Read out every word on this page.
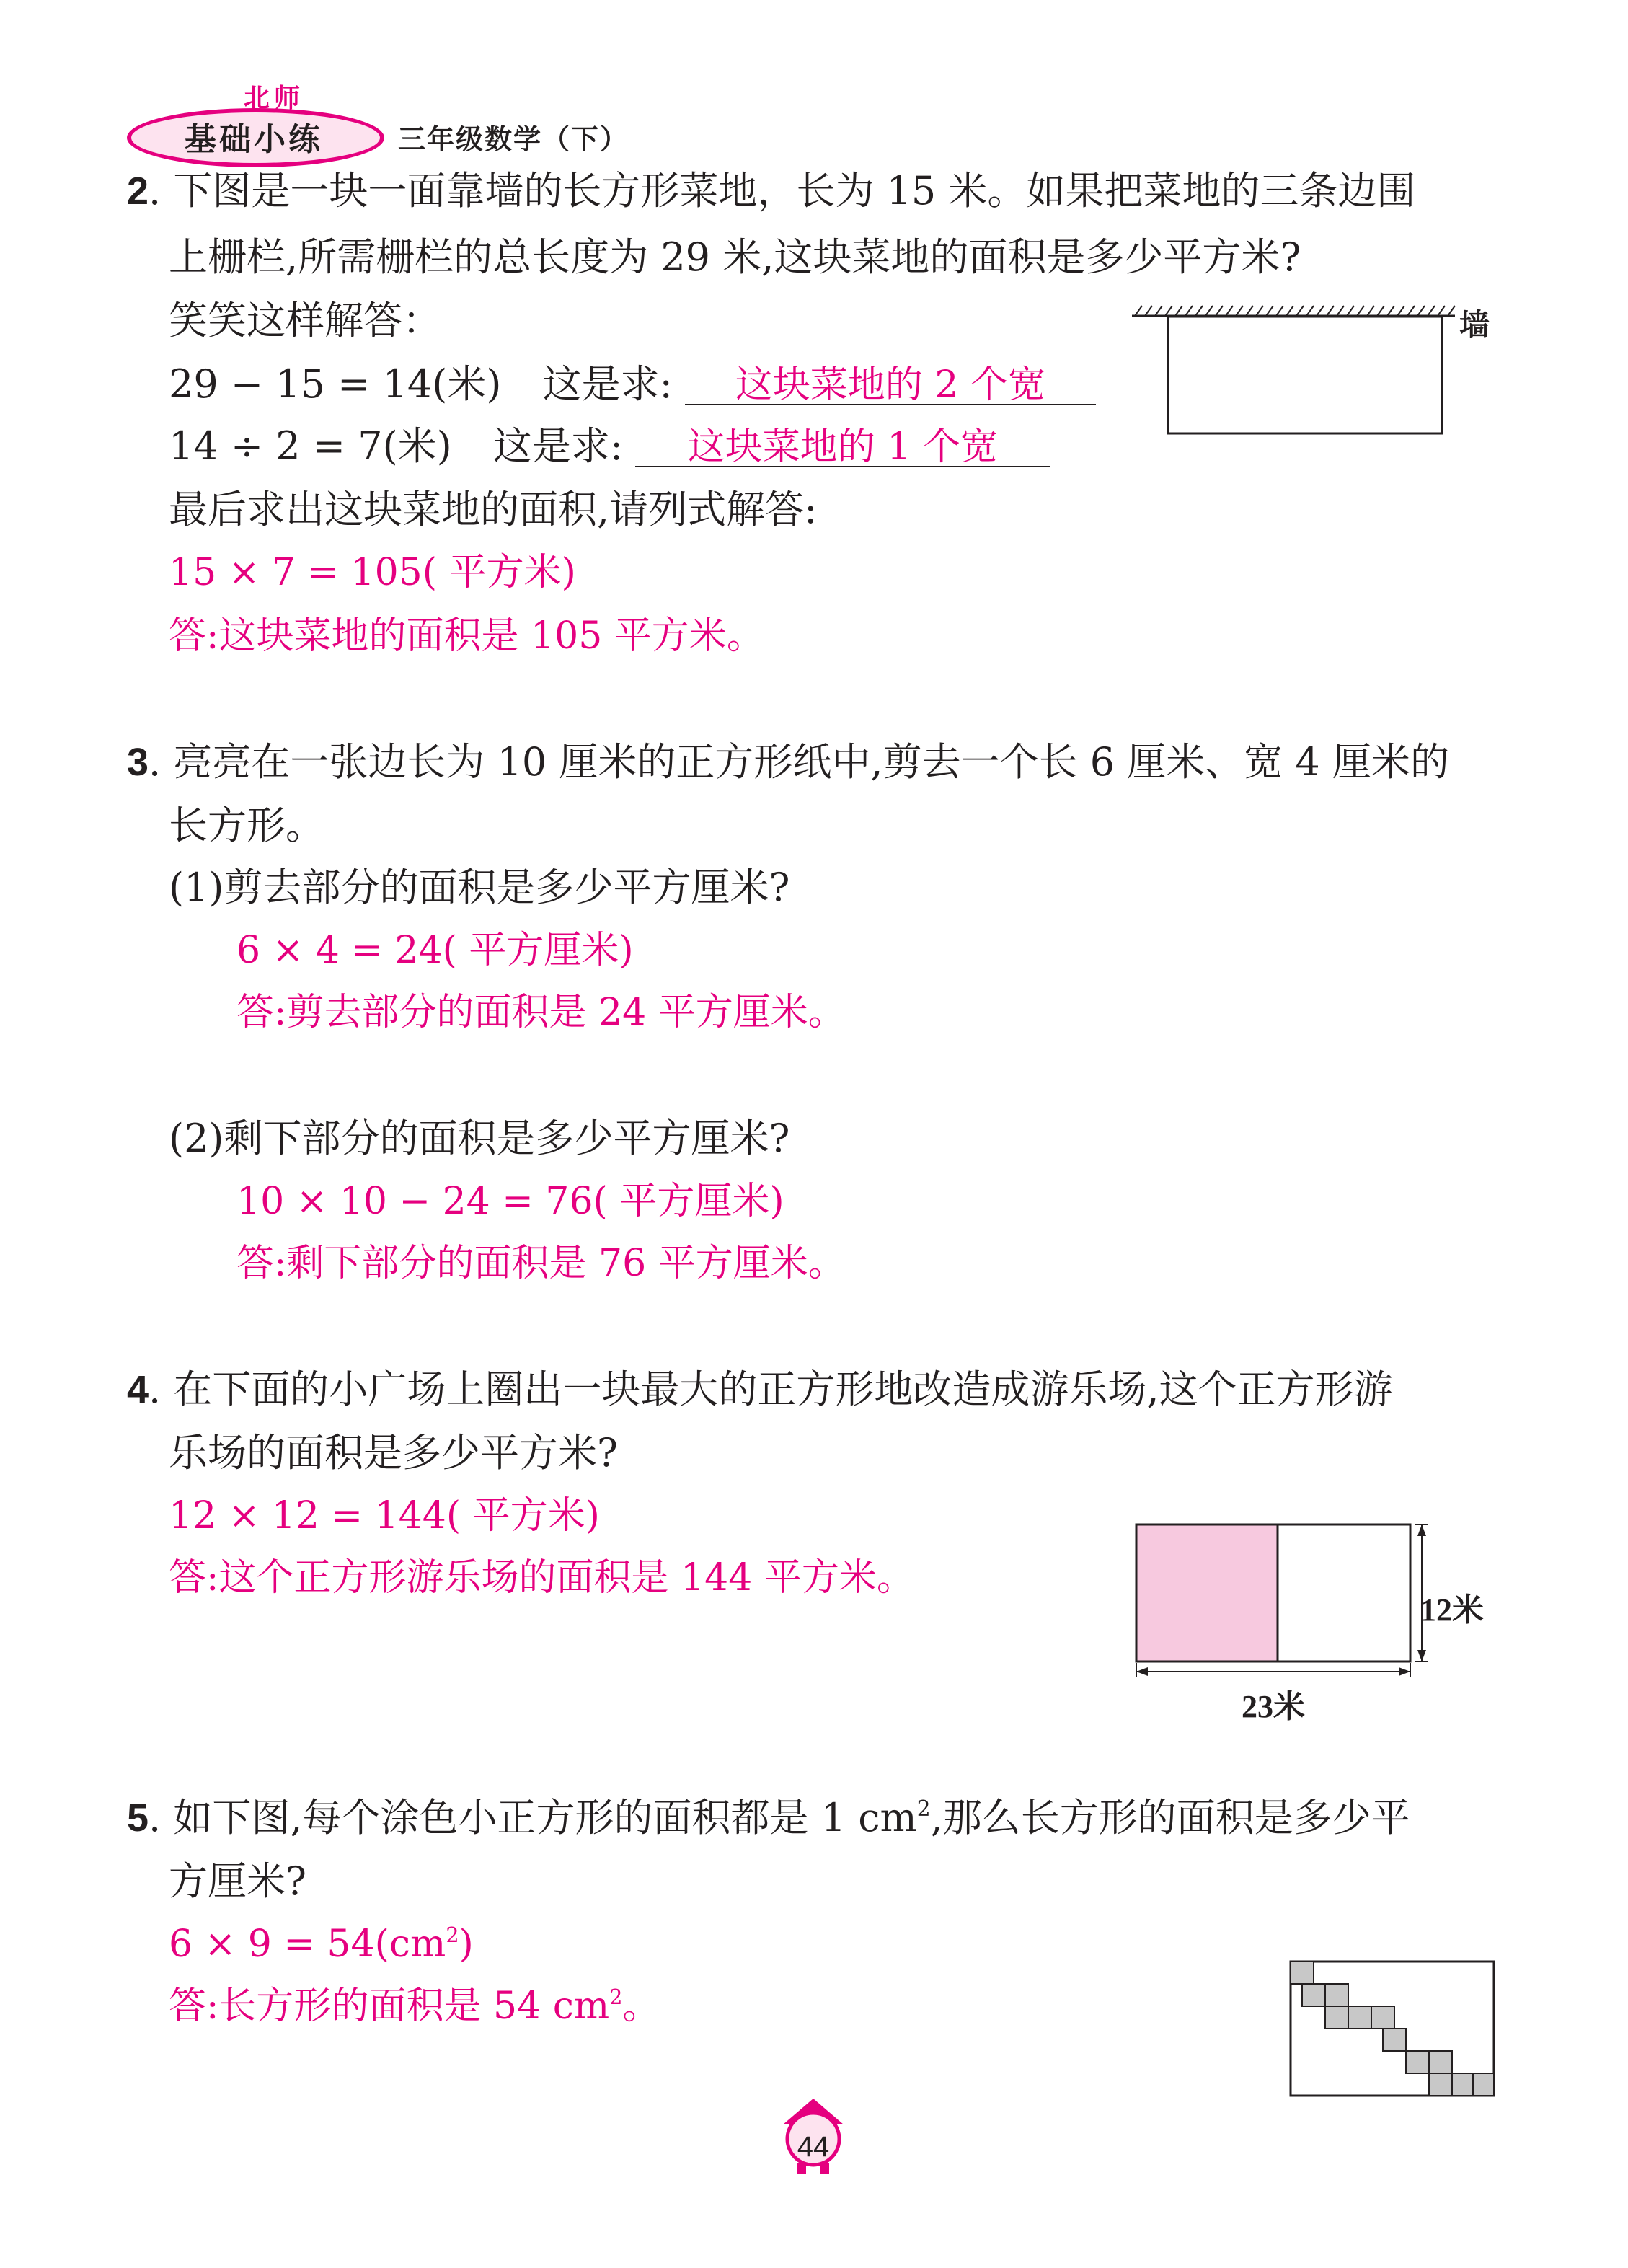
北师
基础小练	三年级数学（下）
2. 下图是一块一面靠墙的长方形菜地，长为 15 米。如果把菜地的三条边围
上栅栏,所需栅栏的总长度为 29 米,这块菜地的面积是多少平方米?
笑笑这样解答：
29 − 15 = 14(米) 这是求: 这块菜地的 2 个宽
14 ÷ 2 = 7(米) 这是求: 这块菜地的 1 个宽
最后求出这块菜地的面积,请列式解答:
15 × 7 = 105( 平方米)
答:这块菜地的面积是 105 平方米。
墙
3. 亮亮在一张边长为 10 厘米的正方形纸中,剪去一个长 6 厘米、宽 4 厘米的
长方形。
(1)剪去部分的面积是多少平方厘米?
6 × 4 = 24( 平方厘米)
答:剪去部分的面积是 24 平方厘米。
(2)剩下部分的面积是多少平方厘米?
10 × 10 − 24 = 76( 平方厘米)
答:剩下部分的面积是 76 平方厘米。
4. 在下面的小广场上圈出一块最大的正方形地改造成游乐场,这个正方形游
乐场的面积是多少平方米?
12 × 12 = 144( 平方米)
答:这个正方形游乐场的面积是 144 平方米。
12米
23米
5. 如下图,每个涂色小正方形的面积都是 1 $cm^2$,那么长方形的面积是多少平
方厘米?
$6 \times 9 = 54(cm^2)$
答:长方形的面积是 54 $cm^2$。
44
